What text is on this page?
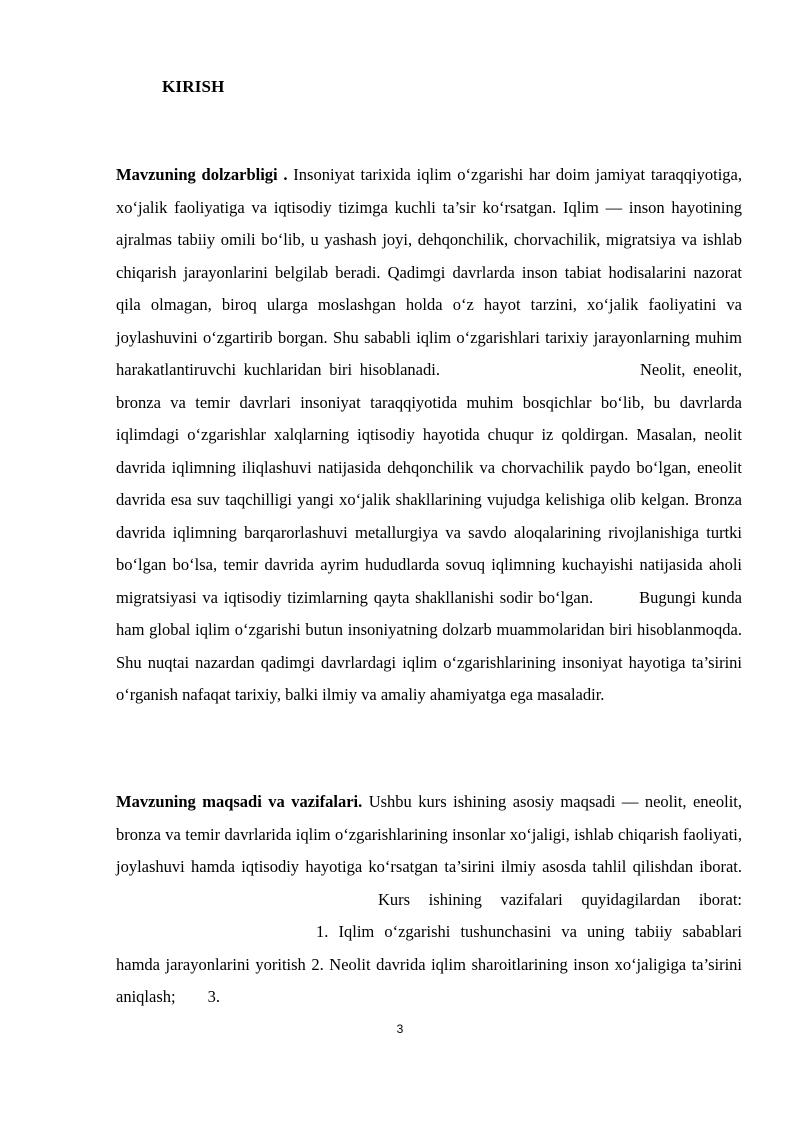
KIRISH

Mavzuning dolzarbligi . Insoniyat tarixida iqlim o‘zgarishi har doim jamiyat taraqqiyotiga, xo‘jalik faoliyatiga va iqtisodiy tizimga kuchli ta’sir ko‘rsatgan. Iqlim — inson hayotining ajralmas tabiiy omili bo‘lib, u yashash joyi, dehqonchilik, chorvachilik, migratsiya va ishlab chiqarish jarayonlarini belgilab beradi. Qadimgi davrlarda inson tabiat hodisalarini nazorat qila olmagan, biroq ularga moslashgan holda o‘z hayot tarzini, xo‘jalik faoliyatini va joylashuvini o‘zgartirib borgan. Shu sababli iqlim o‘zgarishlari tarixiy jarayonlarning muhim harakatlantiruvchi kuchlaridan biri hisoblanadi.	Neolit, eneolit, bronza va temir davrlari insoniyat taraqqiyotida muhim bosqichlar bo‘lib, bu davrlarda iqlimdagi o‘zgarishlar xalqlarning iqtisodiy hayotida chuqur iz qoldirgan. Masalan, neolit davrida iqlimning iliqlashuvi natijasida dehqonchilik va chorvachilik paydo bo‘lgan, eneolit davrida esa suv taqchilligi yangi xo‘jalik shakllarining vujudga kelishiga olib kelgan. Bronza davrida iqlimning barqarorlashuvi metallurgiya va savdo aloqalarining rivojlanishiga turtki bo‘lgan bo‘lsa, temir davrida ayrim hududlarda sovuq iqlimning kuchayishi natijasida aholi migratsiyasi va iqtisodiy tizimlarning qayta shakllanishi sodir bo‘lgan.	Bugungi kunda ham global iqlim o‘zgarishi butun insoniyatning dolzarb muammolaridan biri hisoblanmoqda. Shu nuqtai nazardan qadimgi davrlardagi iqlim o‘zgarishlarining insoniyat hayotiga ta’sirini o‘rganish nafaqat tarixiy, balki ilmiy va amaliy ahamiyatga ega masaladir.

Mavzuning maqsadi va vazifalari. Ushbu kurs ishining asosiy maqsadi — neolit, eneolit, bronza va temir davrlarida iqlim o‘zgarishlarining insonlar xo‘jaligi, ishlab chiqarish faoliyati, joylashuvi hamda iqtisodiy hayotiga ko‘rsatgan ta’sirini ilmiy asosda tahlil qilishdan iborat.Kurs ishining vazifalari quyidagilardan iborat:1. Iqlim o‘zgarishi tushunchasini va uning tabiiy sabablari hamda jarayonlarini yoritish 2. Neolit davrida iqlim sharoitlarining inson xo‘jaligiga ta’sirini aniqlash; 3.

3
